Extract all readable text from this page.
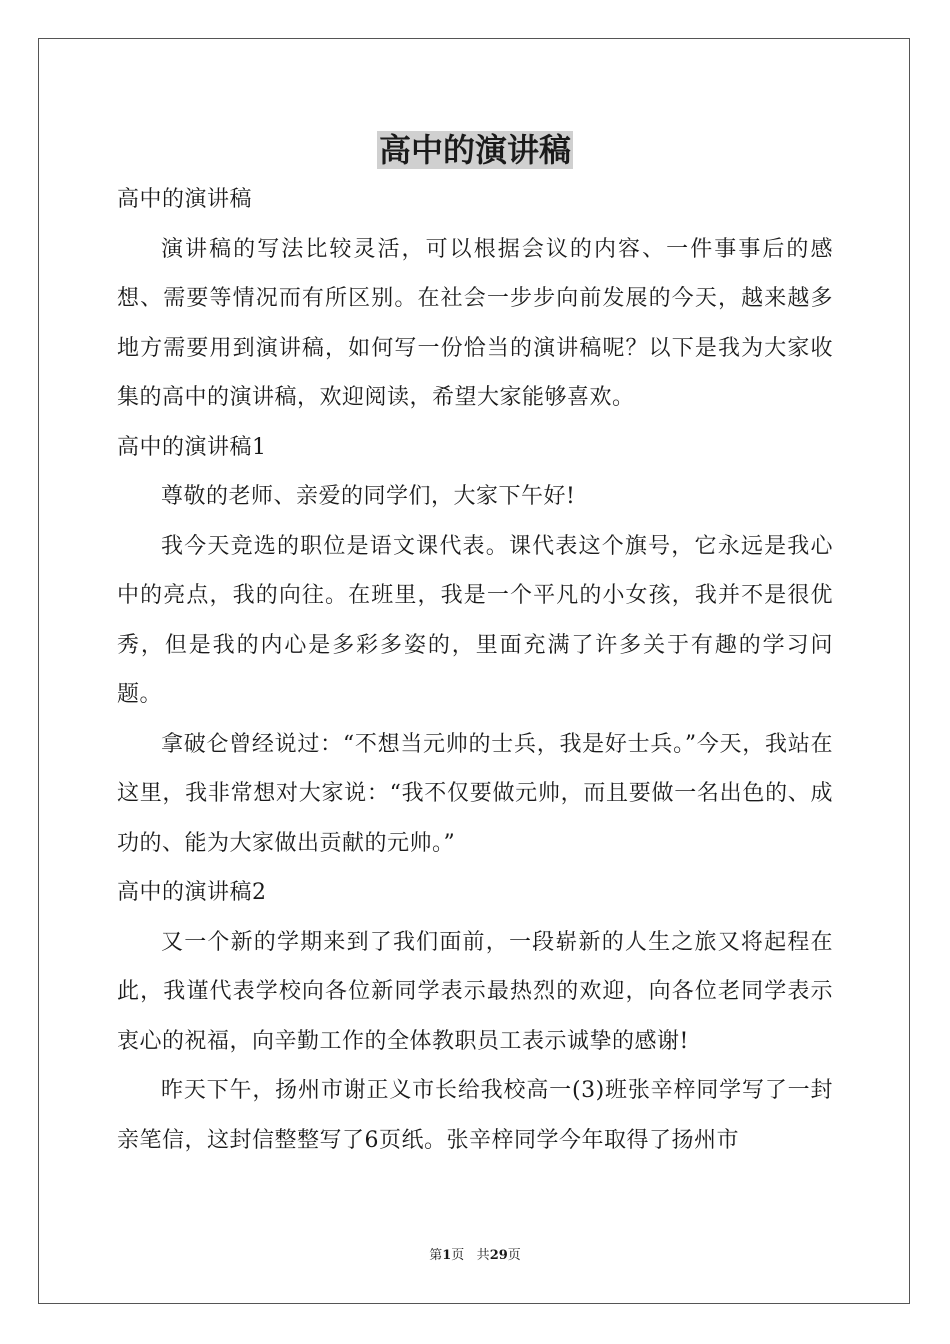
高中的演讲稿

高中的演讲稿

演讲稿的写法比较灵活，可以根据会议的内容、一件事事后的感想、需要等情况而有所区别。在社会一步步向前发展的今天，越来越多地方需要用到演讲稿，如何写一份恰当的演讲稿呢？以下是我为大家收集的高中的演讲稿，欢迎阅读，希望大家能够喜欢。

高中的演讲稿1

尊敬的老师、亲爱的同学们，大家下午好!

我今天竞选的职位是语文课代表。课代表这个旗号，它永远是我心中的亮点，我的向往。在班里，我是一个平凡的小女孩，我并不是很优秀，但是我的内心是多彩多姿的，里面充满了许多关于有趣的学习问题。

拿破仑曾经说过：“不想当元帅的士兵，我是好士兵。”今天，我站在这里，我非常想对大家说：“我不仅要做元帅，而且要做一名出色的、成功的、能为大家做出贡献的元帅。”

高中的演讲稿2

又一个新的学期来到了我们面前，一段崭新的人生之旅又将起程在此，我谨代表学校向各位新同学表示最热烈的欢迎，向各位老同学表示衷心的祝福，向辛勤工作的全体教职员工表示诚挚的感谢!

昨天下午，扬州市谢正义市长给我校高一(3)班张辛梓同学写了一封亲笔信，这封信整整写了6页纸。张辛梓同学今年取得了扬州市

第1页 共29页
